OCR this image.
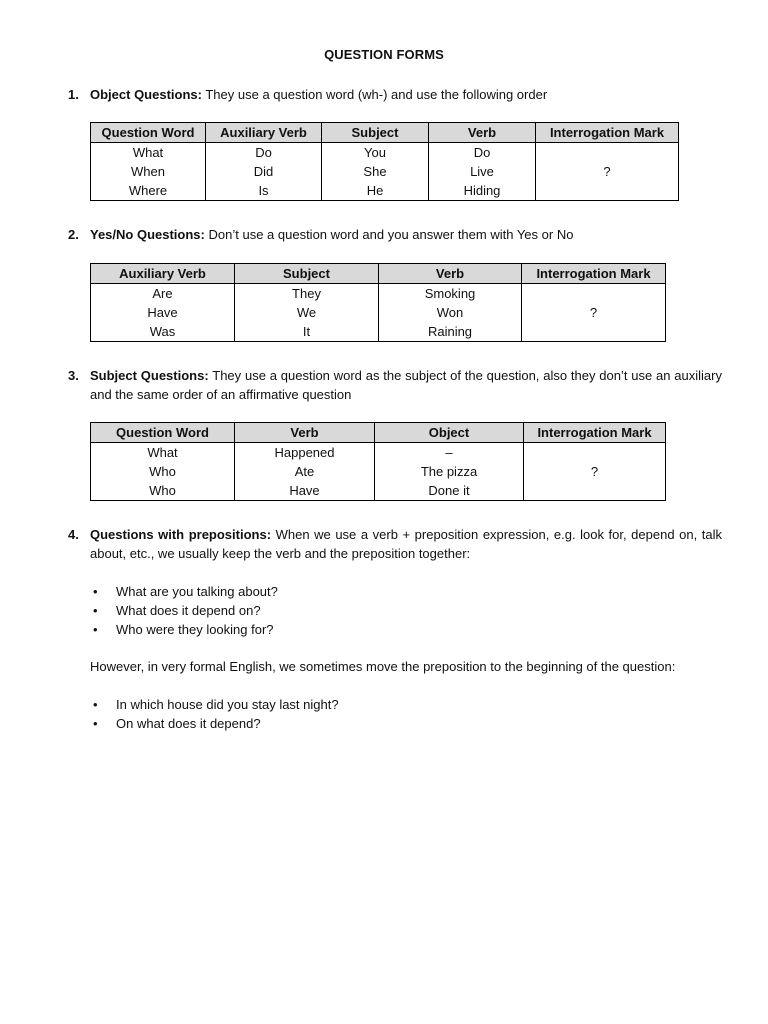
QUESTION FORMS
1. Object Questions: They use a question word (wh-) and use the following order
Question Word	Auxiliary Verb	Subject	Verb	Interrogation Mark
What	Do	You	Do	?
When	Did	She	Live	
Where	Is	He	Hiding	
2. Yes/No Questions: Don’t use a question word and you answer them with Yes or No
Auxiliary Verb	Subject	Verb	Interrogation Mark
Are	They	Smoking	?
Have	We	Won	
Was	It	Raining	
3. Subject Questions: They use a question word as the subject of the question, also they don’t use an auxiliary and the same order of an affirmative question
Question Word	Verb	Object	Interrogation Mark
What	Happened	–	?
Who	Ate	The pizza	
Who	Have	Done it	
4. Questions with prepositions: When we use a verb + preposition expression, e.g. look for, depend on, talk about, etc., we usually keep the verb and the preposition together:
• What are you talking about?
• What does it depend on?
• Who were they looking for?
However, in very formal English, we sometimes move the preposition to the beginning of the question:
• In which house did you stay last night?
• On what does it depend?
